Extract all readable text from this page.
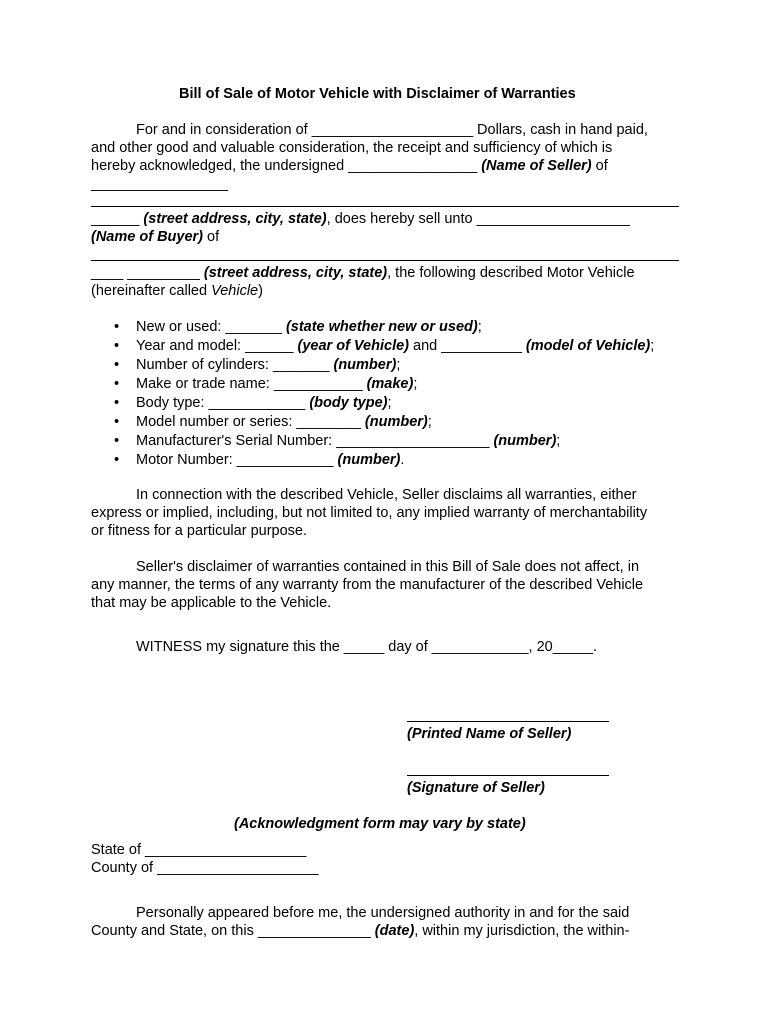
Bill of Sale of Motor Vehicle with Disclaimer of Warranties
For and in consideration of ____________________ Dollars, cash in hand paid,
and other good and valuable consideration, the receipt and sufficiency of which is
hereby acknowledged, the undersigned ________________ (Name of Seller) of
_________________
______ (street address, city, state), does hereby sell unto ___________________
(Name of Buyer) of
____ _________ (street address, city, state), the following described Motor Vehicle
(hereinafter called Vehicle)
• New or used: _______ (state whether new or used);
• Year and model: ______ (year of Vehicle) and __________ (model of Vehicle);
• Number of cylinders: _______ (number);
• Make or trade name: ___________ (make);
• Body type: ____________ (body type);
• Model number or series: ________ (number);
• Manufacturer's Serial Number: ___________________ (number);
• Motor Number: ____________ (number).
In connection with the described Vehicle, Seller disclaims all warranties, either
express or implied, including, but not limited to, any implied warranty of merchantability
or fitness for a particular purpose.
Seller's disclaimer of warranties contained in this Bill of Sale does not affect, in
any manner, the terms of any warranty from the manufacturer of the described Vehicle
that may be applicable to the Vehicle.
WITNESS my signature this the _____ day of ____________, 20_____.
(Printed Name of Seller)
(Signature of Seller)
(Acknowledgment form may vary by state)
State of ____________________
County of ____________________
Personally appeared before me, the undersigned authority in and for the said
County and State, on this ______________ (date), within my jurisdiction, the within-
